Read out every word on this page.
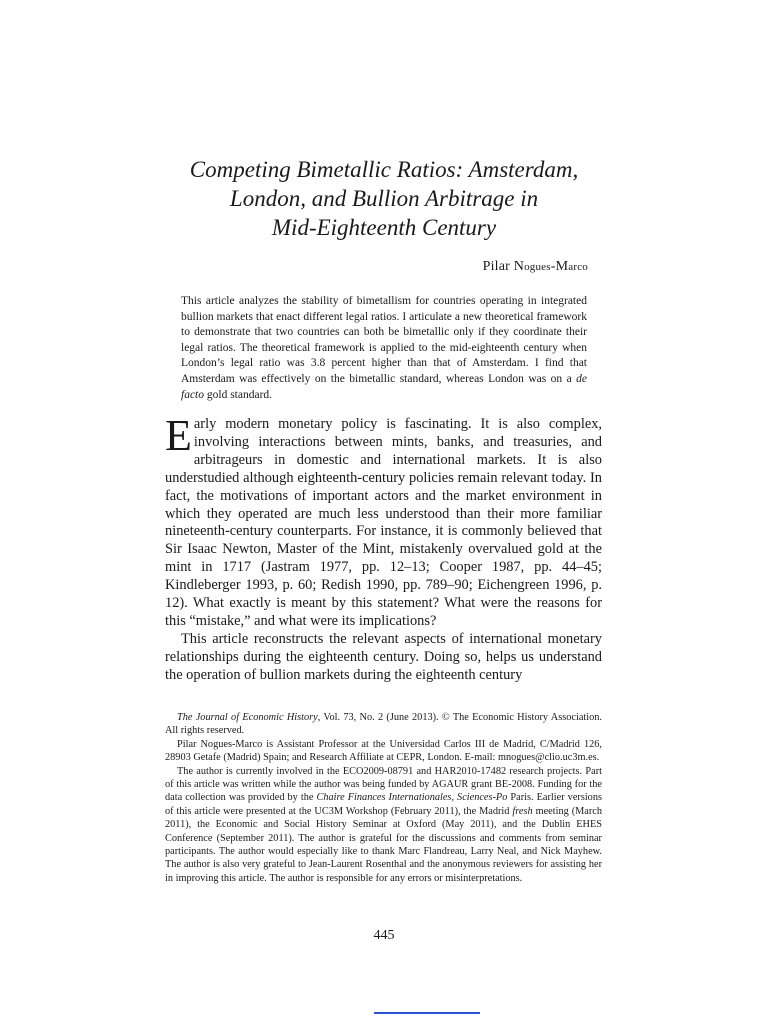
Competing Bimetallic Ratios: Amsterdam,
London, and Bullion Arbitrage in
Mid-Eighteenth Century
Pilar Nogues-Marco
This article analyzes the stability of bimetallism for countries operating in integrated bullion markets that enact different legal ratios. I articulate a new theoretical framework to demonstrate that two countries can both be bimetallic only if they coordinate their legal ratios. The theoretical framework is applied to the mid-eighteenth century when London’s legal ratio was 3.8 percent higher than that of Amsterdam. I find that Amsterdam was effectively on the bimetallic standard, whereas London was on a de facto gold standard.

Early modern monetary policy is fascinating. It is also complex, involving interactions between mints, banks, and treasuries, and arbitrageurs in domestic and international markets. It is also understudied although eighteenth-century policies remain relevant today. In fact, the motivations of important actors and the market environment in which they operated are much less understood than their more familiar nineteenth-century counterparts. For instance, it is commonly believed that Sir Isaac Newton, Master of the Mint, mistakenly overvalued gold at the mint in 1717 (Jastram 1977, pp. 12–13; Cooper 1987, pp. 44–45; Kindleberger 1993, p. 60; Redish 1990, pp. 789–90; Eichengreen 1996, p. 12). What exactly is meant by this statement? What were the reasons for this “mistake,” and what were its implications?

This article reconstructs the relevant aspects of international monetary relationships during the eighteenth century. Doing so, helps us understand the operation of bullion markets during the eighteenth century

The Journal of Economic History, Vol. 73, No. 2 (June 2013). © The Economic History Association. All rights reserved.

Pilar Nogues-Marco is Assistant Professor at the Universidad Carlos III de Madrid, C/Madrid 126, 28903 Getafe (Madrid) Spain; and Research Affiliate at CEPR, London. E-mail: mnogues@clio.uc3m.es.

The author is currently involved in the ECO2009-08791 and HAR2010-17482 research projects. Part of this article was written while the author was being funded by AGAUR grant BE-2008. Funding for the data collection was provided by the Chaire Finances Internationales, Sciences-Po Paris. Earlier versions of this article were presented at the UC3M Workshop (February 2011), the Madrid fresh meeting (March 2011), the Economic and Social History Seminar at Oxford (May 2011), and the Dublin EHES Conference (September 2011). The author is grateful for the discussions and comments from seminar participants. The author would especially like to thank Marc Flandreau, Larry Neal, and Nick Mayhew. The author is also very grateful to Jean-Laurent Rosenthal and the anonymous reviewers for assisting her in improving this article. The author is responsible for any errors or misinterpretations.

445
